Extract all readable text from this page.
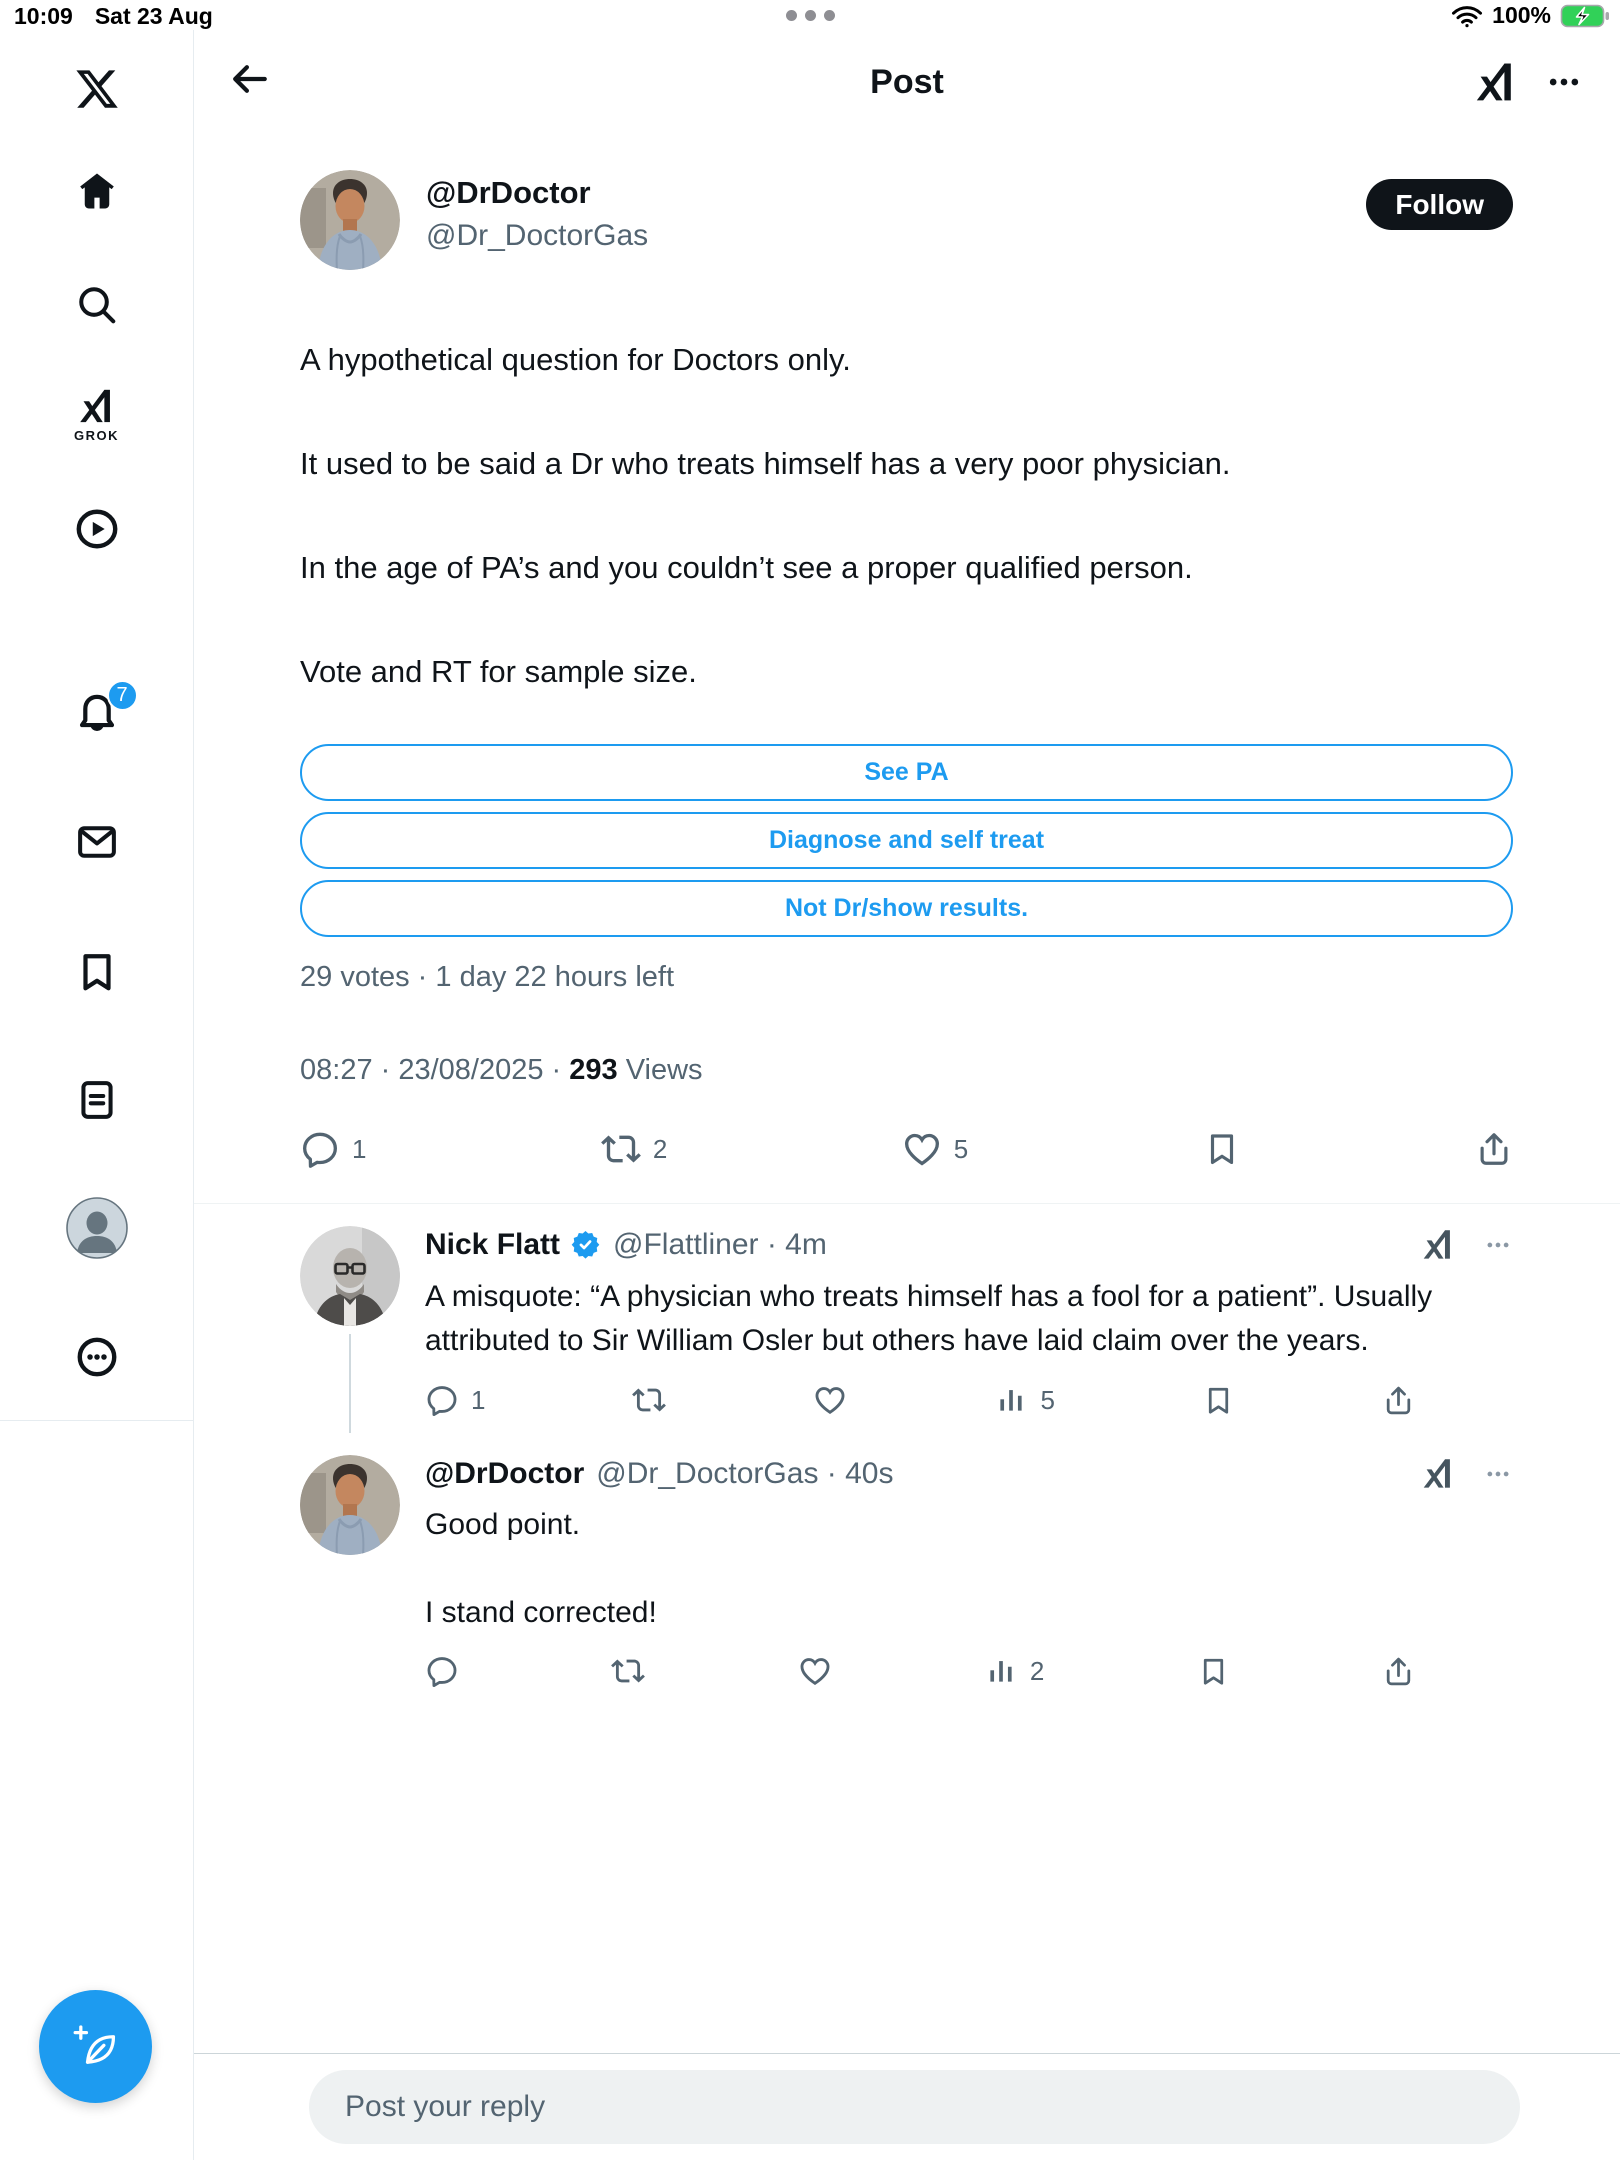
10:09 Sat 23 Aug	100%
GROK
7
Post
@DrDoctor
@Dr_DoctorGas
Follow

A hypothetical question for Doctors only.

It used to be said a Dr who treats himself has a very poor physician.

In the age of PA’s and you couldn’t see a proper qualified person.

Vote and RT for sample size.

See PA
Diagnose and self treat
Not Dr/show results.
29 votes · 1 day 22 hours left
08:27 · 23/08/2025 · 293 Views
1	2	5
Nick Flatt @Flattliner · 4m
A misquote: “A physician who treats himself has a fool for a patient”. Usually attributed to Sir William Osler but others have laid claim over the years.
1	5
@DrDoctor @Dr_DoctorGas · 40s

Good point.

I stand corrected!

2
Post your reply
